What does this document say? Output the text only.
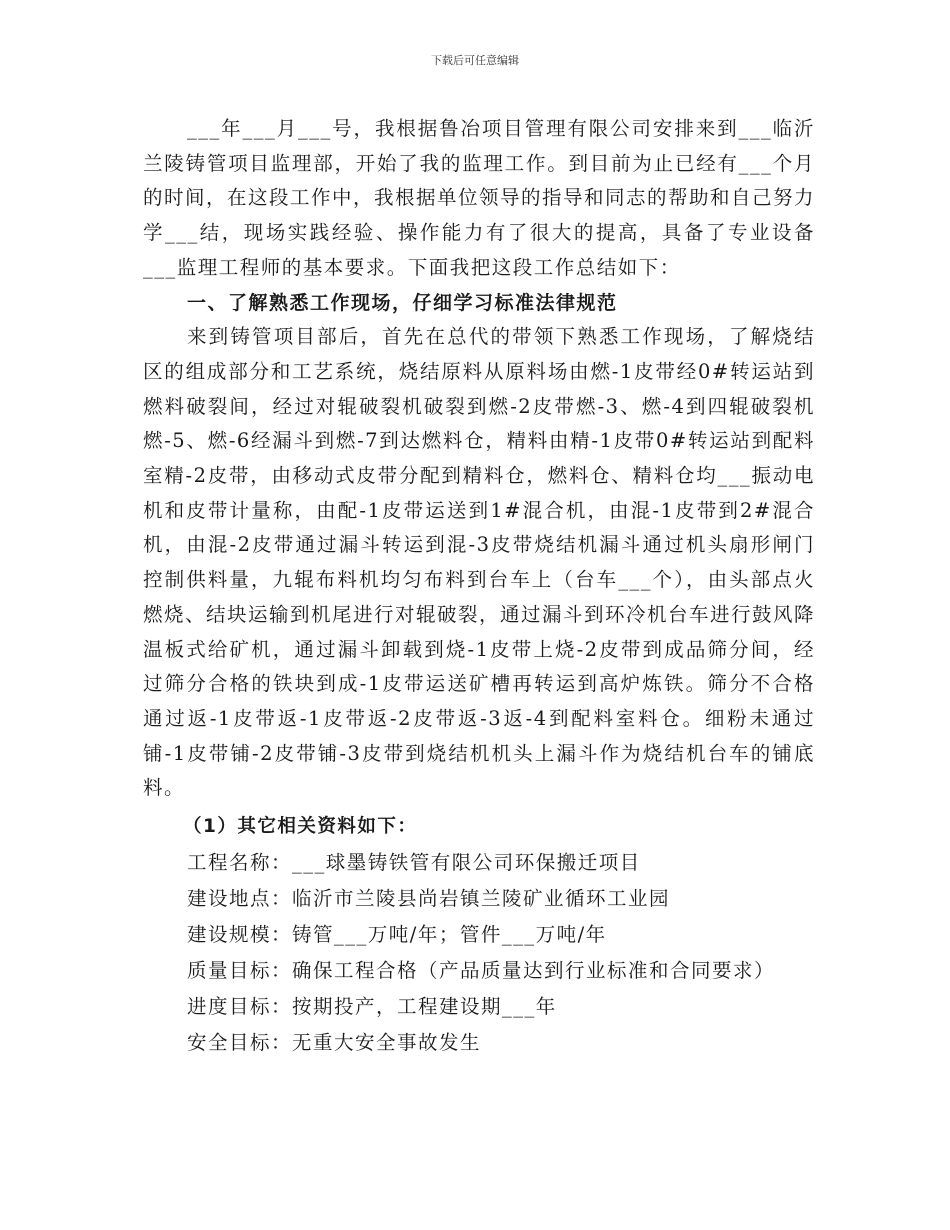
下载后可任意编辑

___年___月___号，我根据鲁冶项目管理有限公司安排来到___临沂兰陵铸管项目监理部，开始了我的监理工作。到目前为止已经有___个月的时间，在这段工作中，我根据单位领导的指导和同志的帮助和自己努力学___结，现场实践经验、操作能力有了很大的提高，具备了专业设备___监理工程师的基本要求。下面我把这段工作总结如下：

一、了解熟悉工作现场，仔细学习标准法律规范

来到铸管项目部后，首先在总代的带领下熟悉工作现场，了解烧结区的组成部分和工艺系统，烧结原料从原料场由燃-1皮带经0#转运站到燃料破裂间，经过对辊破裂机破裂到燃-2皮带燃-3、燃-4到四辊破裂机燃-5、燃-6经漏斗到燃-7到达燃料仓，精料由精-1皮带0#转运站到配料室精-2皮带，由移动式皮带分配到精料仓，燃料仓、精料仓均___振动电机和皮带计量称，由配-1皮带运送到1#混合机，由混-1皮带到2#混合机，由混-2皮带通过漏斗转运到混-3皮带烧结机漏斗通过机头扇形闸门控制供料量，九辊布料机均匀布料到台车上（台车___个），由头部点火燃烧、结块运输到机尾进行对辊破裂，通过漏斗到环冷机台车进行鼓风降温板式给矿机，通过漏斗卸载到烧-1皮带上烧-2皮带到成品筛分间，经过筛分合格的铁块到成-1皮带运送矿槽再转运到高炉炼铁。筛分不合格通过返-1皮带返-1皮带返-2皮带返-3返-4到配料室料仓。细粉未通过铺-1皮带铺-2皮带铺-3皮带到烧结机机头上漏斗作为烧结机台车的铺底料。

（1）其它相关资料如下：

工程名称：___球墨铸铁管有限公司环保搬迁项目

建设地点：临沂市兰陵县尚岩镇兰陵矿业循环工业园

建设规模：铸管___万吨/年；管件___万吨/年

质量目标：确保工程合格（产品质量达到行业标准和合同要求）

进度目标：按期投产，工程建设期___年

安全目标：无重大安全事故发生
